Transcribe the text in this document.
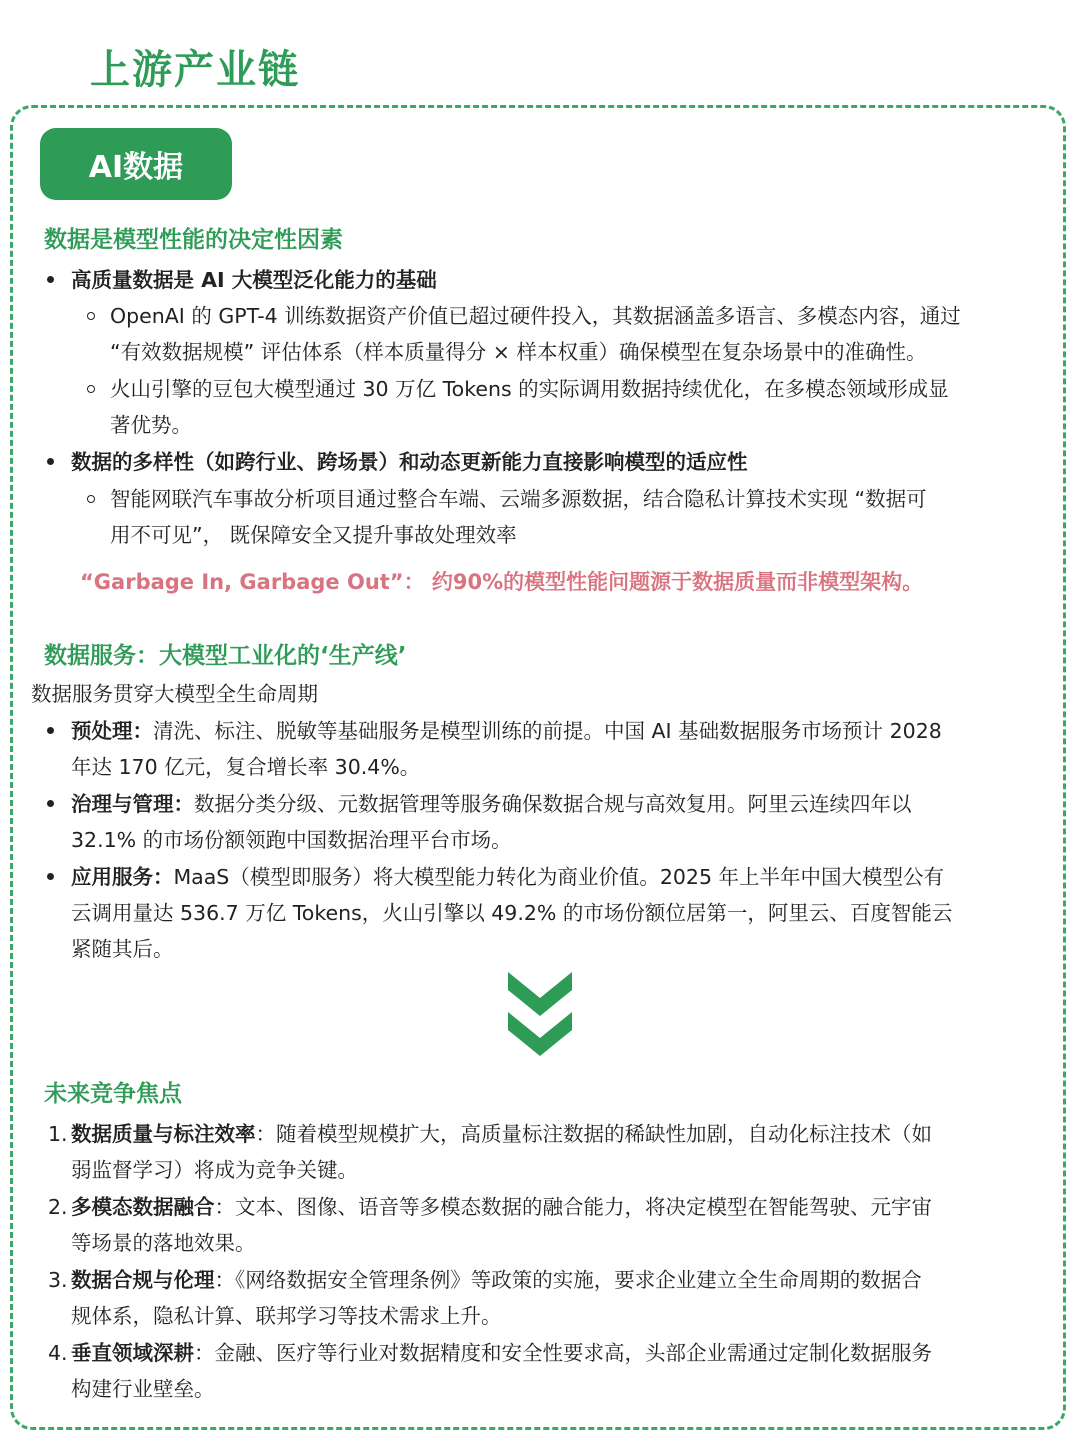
上游产业链
AI数据
数据是模型性能的决定性因素
高质量数据是 AI 大模型泛化能力的基础
OpenAI 的 GPT-4 训练数据资产价值已超过硬件投入，其数据涵盖多语言、多模态内容，通过
“有效数据规模” 评估体系（样本质量得分 × 样本权重）确保模型在复杂场景中的准确性。
火山引擎的豆包大模型通过 30 万亿 Tokens 的实际调用数据持续优化，在多模态领域形成显
著优势。
数据的多样性（如跨行业、跨场景）和动态更新能力直接影响模型的适应性
智能网联汽车事故分析项目通过整合车端、云端多源数据，结合隐私计算技术实现 “数据可
用不可见”， 既保障安全又提升事故处理效率
“Garbage In, Garbage Out”： 约90%的模型性能问题源于数据质量而非模型架构。
数据服务：大模型工业化的‘生产线’
数据服务贯穿大模型全生命周期
预处理：清洗、标注、脱敏等基础服务是模型训练的前提。中国 AI 基础数据服务市场预计 2028
年达 170 亿元，复合增长率 30.4%。
治理与管理：数据分类分级、元数据管理等服务确保数据合规与高效复用。阿里云连续四年以
32.1% 的市场份额领跑中国数据治理平台市场。
应用服务：MaaS（模型即服务）将大模型能力转化为商业价值。2025 年上半年中国大模型公有
云调用量达 536.7 万亿 Tokens，火山引擎以 49.2% 的市场份额位居第一，阿里云、百度智能云
紧随其后。
未来竞争焦点
1. 数据质量与标注效率：随着模型规模扩大，高质量标注数据的稀缺性加剧，自动化标注技术（如
弱监督学习）将成为竞争关键。
2. 多模态数据融合：文本、图像、语音等多模态数据的融合能力，将决定模型在智能驾驶、元宇宙
等场景的落地效果。
3. 数据合规与伦理：《网络数据安全管理条例》等政策的实施，要求企业建立全生命周期的数据合
规体系，隐私计算、联邦学习等技术需求上升。
4. 垂直领域深耕：金融、医疗等行业对数据精度和安全性要求高，头部企业需通过定制化数据服务
构建行业壁垒。
